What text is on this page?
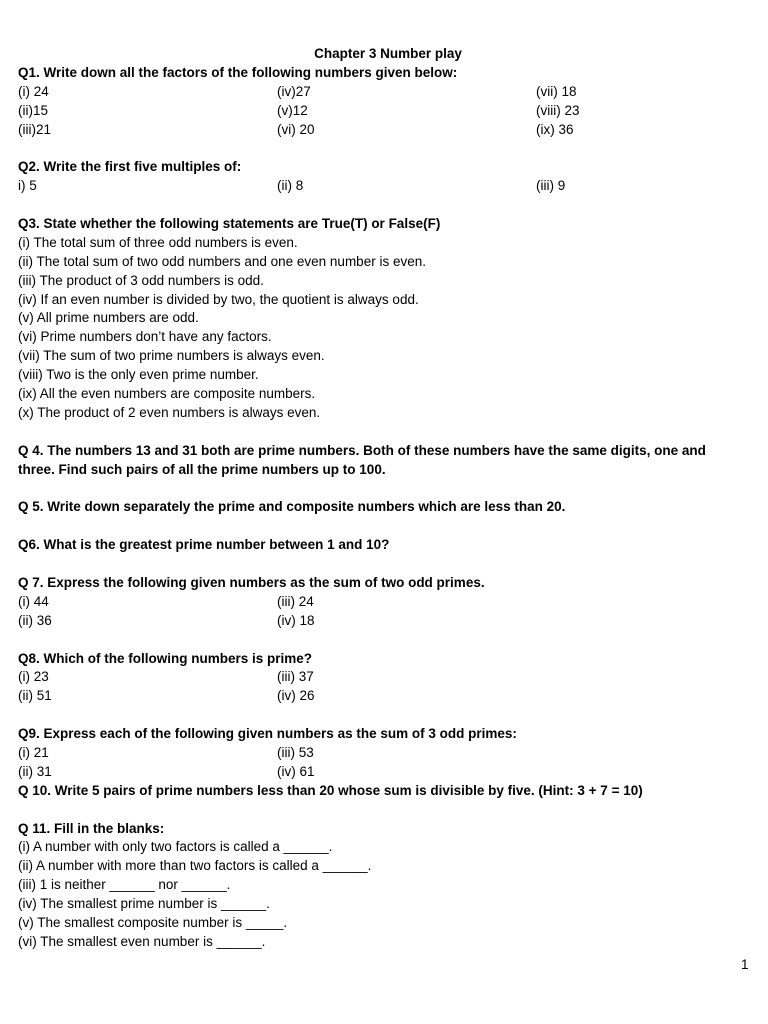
Chapter 3 Number play
Q1. Write down all the factors of the following numbers given below:
(i) 24	(iv)27	(vii) 18
(ii)15	(v)12	(viii) 23
(iii)21	(vi) 20	(ix) 36
Q2. Write the first five multiples of:
i) 5	(ii) 8	(iii) 9
Q3. State whether the following statements are True(T) or False(F)
(i) The total sum of three odd numbers is even.
(ii) The total sum of two odd numbers and one even number is even.
(iii) The product of 3 odd numbers is odd.
(iv) If an even number is divided by two, the quotient is always odd.
(v) All prime numbers are odd.
(vi) Prime numbers don’t have any factors.
(vii) The sum of two prime numbers is always even.
(viii) Two is the only even prime number.
(ix) All the even numbers are composite numbers.
(x) The product of 2 even numbers is always even.
Q 4. The numbers 13 and 31 both are prime numbers. Both of these numbers have the same digits, one and
three. Find such pairs of all the prime numbers up to 100.
Q 5. Write down separately the prime and composite numbers which are less than 20.
Q6. What is the greatest prime number between 1 and 10?
Q 7. Express the following given numbers as the sum of two odd primes.
(i) 44	(iii) 24
(ii) 36	(iv) 18
Q8. Which of the following numbers is prime?
(i) 23	(iii) 37
(ii) 51	(iv) 26
Q9. Express each of the following given numbers as the sum of 3 odd primes:
(i) 21	(iii) 53
(ii) 31	(iv) 61
Q 10. Write 5 pairs of prime numbers less than 20 whose sum is divisible by five. (Hint: 3 + 7 = 10)
Q 11. Fill in the blanks:
(i) A number with only two factors is called a ______.
(ii) A number with more than two factors is called a ______.
(iii) 1 is neither ______ nor ______.
(iv) The smallest prime number is ______.
(v) The smallest composite number is _____.
(vi) The smallest even number is ______.
1
